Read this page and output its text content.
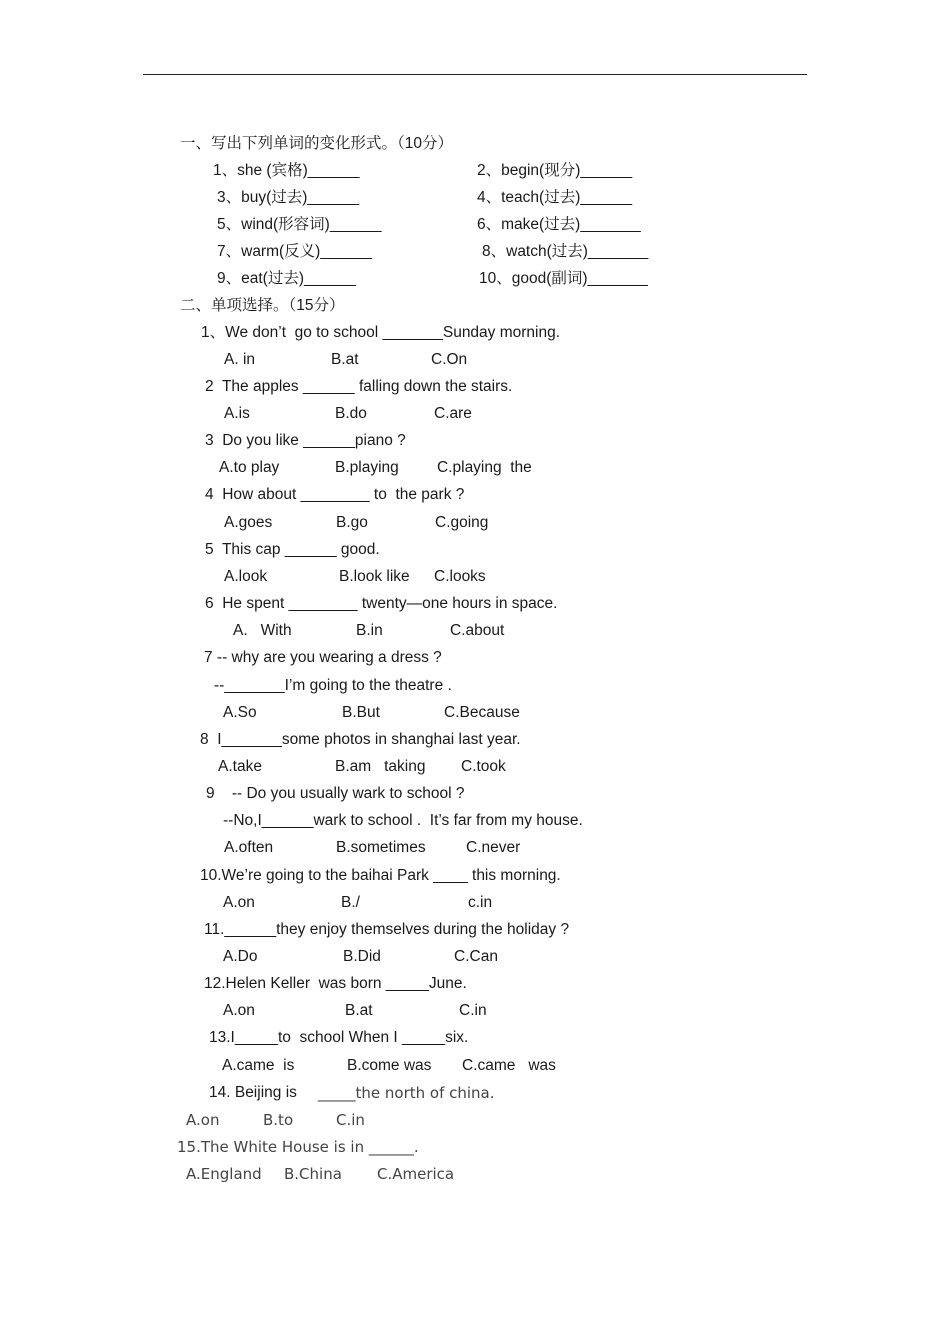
一、写出下列单词的变化形式。（10分）
1、she (宾格)______	2、begin(现分)______
3、buy(过去)______	4、teach(过去)______
5、wind(形容词)______	6、make(过去)_______
7、warm(反义)______	8、watch(过去)_______
9、eat(过去)______	10、good(副词)_______
二、单项选择。（15分）
1、We don’t  go to school _______Sunday morning.
A. in	B.at	C.On
2  The apples ______ falling down the stairs.
A.is	B.do	C.are
3  Do you like ______piano ?
A.to play	B.playing C.playing  the
4  How about ________ to  the park ?
A.goes	B.go	C.going
5  This cap ______ good.
A.look	B.look like C.looks
6  He spent ________ twenty—one hours in space.
A.   With	B.in	C.about
7 -- why are you wearing a dress ?
--_______I’m going to the theatre .
A.So	B.But	C.Because
8  I_______some photos in shanghai last year.
A.take	B.am   taking C.took
9    -- Do you usually wark to school ?
--No,I______wark to school .  It’s far from my house.
A.often	B.sometimes	C.never
10.We’re going to the baihai Park ____ this morning.
A.on	B./	c.in
11.______they enjoy themselves during the holiday ?
A.Do	B.Did	C.Can
12.Helen Keller  was born _____June.
A.on	B.at	C.in
13.I_____to  school When I _____six.
A.came  is	B.come was C.came   was
14. Beijing is _____the north of china.
A.on	B.to	C.in
15.The White House is in ______.
A.England B.China C.America
